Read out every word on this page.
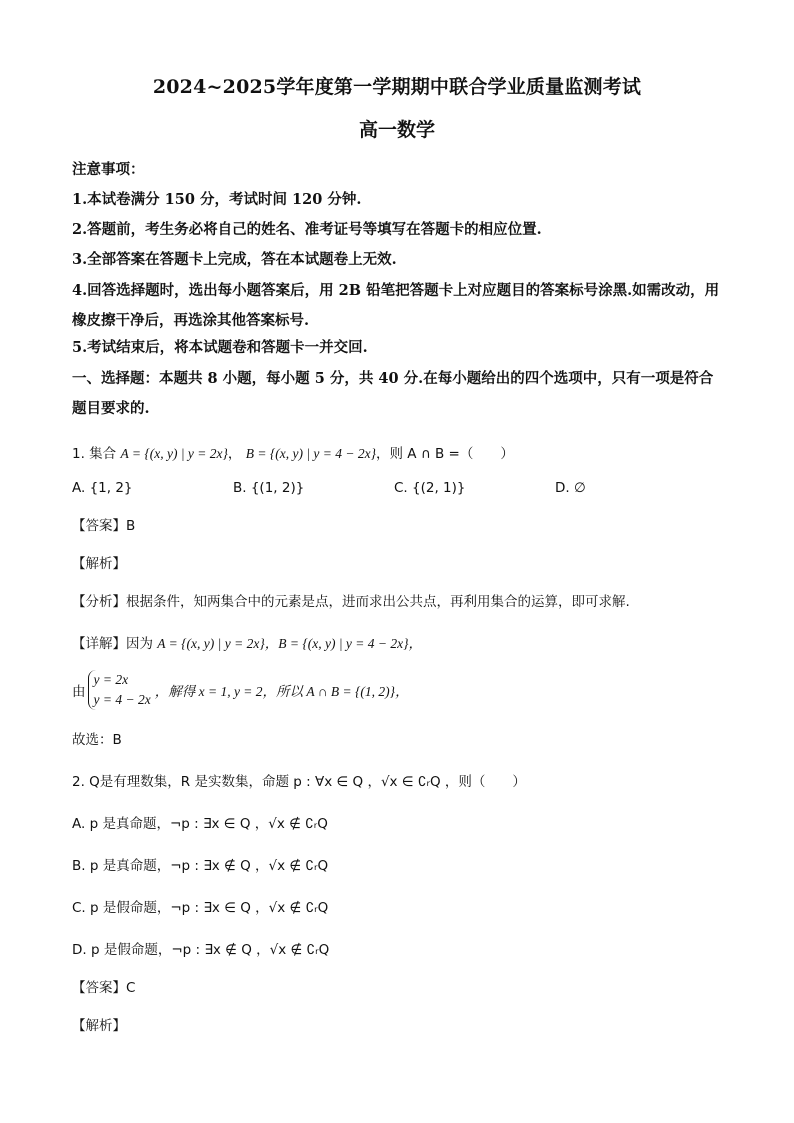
2024~2025学年度第一学期期中联合学业质量监测考试
高一数学

注意事项：

1.本试卷满分 150 分，考试时间 120 分钟.

2.答题前，考生务必将自己的姓名、准考证号等填写在答题卡的相应位置.

3.全部答案在答题卡上完成，答在本试题卷上无效.

4.回答选择题时，选出每小题答案后，用 2B 铅笔把答题卡上对应题目的答案标号涂黑.如需改动，用橡皮擦干净后，再选涂其他答案标号.

5.考试结束后，将本试题卷和答题卡一并交回.

一、选择题：本题共 8 小题，每小题 5 分，共 40 分.在每小题给出的四个选项中，只有一项是符合题目要求的.

1. 集合 A = {(x, y) | y = 2x}， B = {(x, y) | y = 4 − 2x}，则 A ∩ B =（　　）

A. {1, 2}	B. {(1, 2)}	C. {(2, 1)}	D. ∅

【答案】B

【解析】

【分析】根据条件，知两集合中的元素是点，进而求出公共点，再利用集合的运算，即可求解.

【详解】因为 A = {(x, y) | y = 2x}，B = {(x, y) | y = 4 − 2x}，

由
y = 2x
y = 4 − 2x
，解得 x = 1, y = 2，所以 A ∩ B = {(1, 2)}，

故选：B

2. Q是有理数集，R 是实数集，命题 p : ∀x ∈ Q ，√x ∈ ∁ᵣQ ，则（　　）

A. p 是真命题，¬p : ∃x ∈ Q ，√x ∉ ∁ᵣQ

B. p 是真命题，¬p : ∃x ∉ Q ，√x ∉ ∁ᵣQ

C. p 是假命题，¬p : ∃x ∈ Q ，√x ∉ ∁ᵣQ

D. p 是假命题，¬p : ∃x ∉ Q ，√x ∉ ∁ᵣQ

【答案】C

【解析】
